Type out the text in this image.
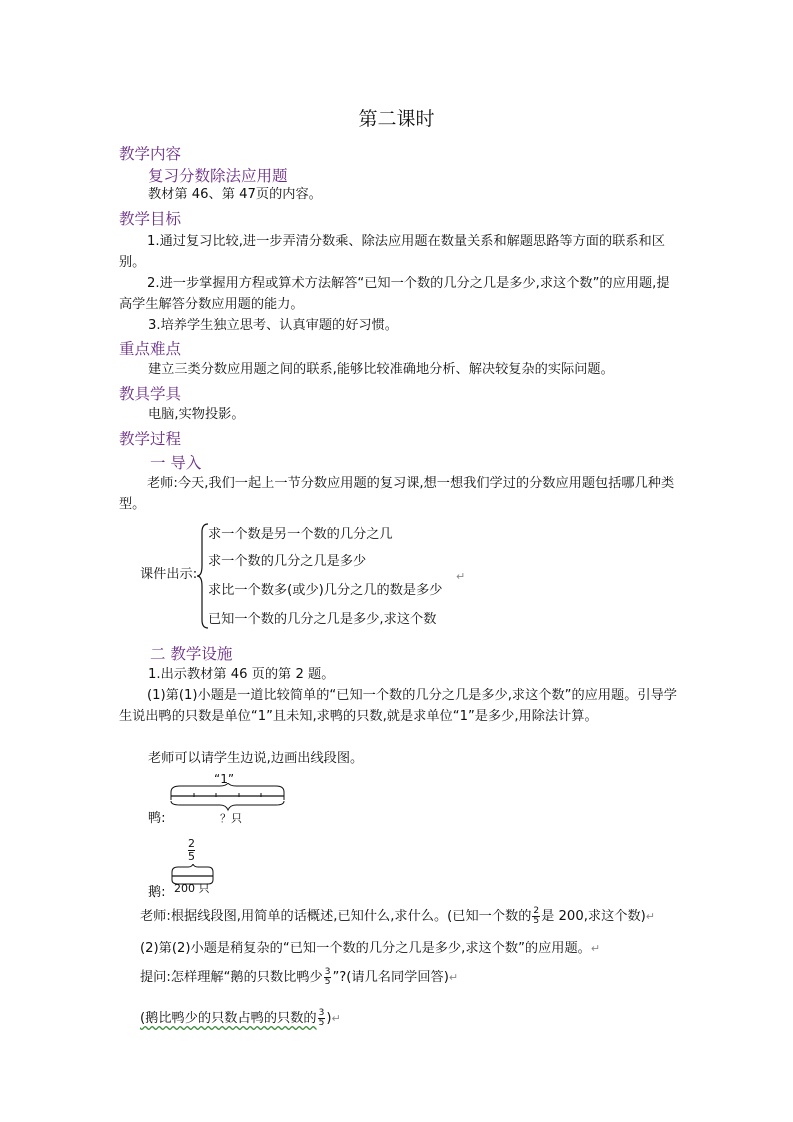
第二课时
教学内容
复习分数除法应用题
教材第 46、第 47页的内容。
教学目标
1.通过复习比较,进一步弄清分数乘、除法应用题在数量关系和解题思路等方面的联系和区别。
2.进一步掌握用方程或算术方法解答“已知一个数的几分之几是多少,求这个数”的应用题,提高学生解答分数应用题的能力。
3.培养学生独立思考、认真审题的好习惯。
重点难点
建立三类分数应用题之间的联系,能够比较准确地分析、解决较复杂的实际问题。
教具学具
电脑,实物投影。
教学过程
一 导入
老师:今天,我们一起上一节分数应用题的复习课,想一想我们学过的分数应用题包括哪几种类型。
课件出示:
求一个数是另一个数的几分之几
求一个数的几分之几是多少
求比一个数多(或少)几分之几的数是多少
↵
已知一个数的几分之几是多少,求这个数
二 教学设施
1.出示教材第 46 页的第 2 题。
(1)第(1)小题是一道比较简单的“已知一个数的几分之几是多少,求这个数”的应用题。引导学生说出鸭的只数是单位“1”且未知,求鸭的只数,就是求单位“1”是多少,用除法计算。
老师可以请学生边说,边画出线段图。
“1”
？只
鸭:
$\frac{2}{5}$
200 只
鹅:
老师:根据线段图,用简单的话概述,已知什么,求什么。(已知一个数的 $\frac{2}{5}$ 是 200,求这个数)↵
(2)第(2)小题是稍复杂的“已知一个数的几分之几是多少,求这个数”的应用题。↵
提问:怎样理解“鹅的只数比鸭少 $\frac{3}{5}$ ”?(请几名同学回答)↵
(鹅比鸭少的只数占鸭的只数的 $\frac{3}{5}$ )↵
